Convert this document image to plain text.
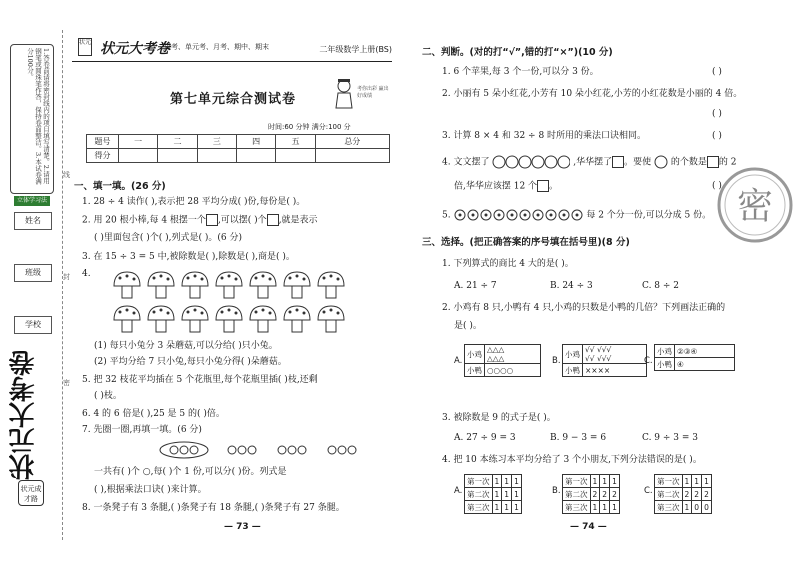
1.答卷前请将密封线内的项目填写清楚。2.请用钢笔或圆珠笔作答，保持卷面整洁。3.本试卷满分100分。
立体学习法
姓名
班级
学校
状元大考卷
状元成才路
线
封
密
状元 状元大考卷
周考、单元考、月考、期中、期末	二年级数学上册(BS)
第七单元综合测试卷
考你出彩 赢出好成绩
时间:60 分钟 满分:100 分
题号	一	二	三	四	五	总分
得分						
一、填一填。(26 分)
1. 28 ÷ 4 读作( ),表示把 28 平均分成( )份,每份是( )。
2. 用 20 根小棒,每 4 根摆一个 ,可以摆( )个 ,就是表示
( )里面包含( )个( ),列式是( )。(6 分)
3. 在 15 ÷ 3 = 5 中,被除数是( ),除数是( ),商是( )。
4.
(1) 每只小兔分 3 朵蘑菇,可以分给( )只小兔。
(2) 平均分给 7 只小兔,每只小兔分得( )朵蘑菇。
5. 把 32 枝花平均插在 5 个花瓶里,每个花瓶里插( )枝,还剩
( )枝。
6. 4 的 6 倍是( ),25 是 5 的( )倍。
7. 先圈一圈,再填一填。(6 分)
一共有( )个 ○,每( )个 1 份,可以分( )份。列式是
( ),根据乘法口诀( )来计算。
8. 一条凳子有 3 条腿,( )条凳子有 18 条腿,( )条凳子有 27 条腿。
— 73 —
二、判断。(对的打“√”,错的打“×”)(10 分)
1. 6 个苹果,每 3 个一份,可以分 3 份。	( )
2. 小丽有 5 朵小红花,小芳有 10 朵小红花,小芳的小红花数是小丽的 4 倍。
( )
3. 计算 8 × 4 和 32 ÷ 8 时所用的乘法口诀相同。	( )
4. 文文摆了	,华华摆了 。要使 的个数是 的 2
倍,华华应该摆 12 个 。	( )
5.	每 2 个分一份,可以分成 5 份。
三、选择。(把正确答案的序号填在括号里)(8 分)
1. 下列算式的商比 4 大的是( )。
A. 21 ÷ 7	B. 24 ÷ 3	C. 8 ÷ 2
2. 小鸡有 8 只,小鸭有 4 只,小鸡的只数是小鸭的几倍？下列画法正确的
是( )。
A.
小鸡	△△△
△△△
小鸭	○○○○
B.
小鸡	√√ √√√
√√ √√√
小鸭	××××
C.
小鸡	②③④
小鸭	④
3. 被除数是 9 的式子是( )。
A. 27 ÷ 9 = 3	B. 9 − 3 = 6	C. 9 ÷ 3 = 3
4. 把 10 本练习本平均分给了 3 个小朋友,下列分法错误的是( )。
A.
第一次	1	1	1
第二次	1	1	1
第三次	1	1	1
B.
第一次	1	1	1
第二次	2	2	2
第三次	1	1	1
C.
第一次	1	1	1
第二次	2	2	2
第三次	1	0	0
— 74 —
密
